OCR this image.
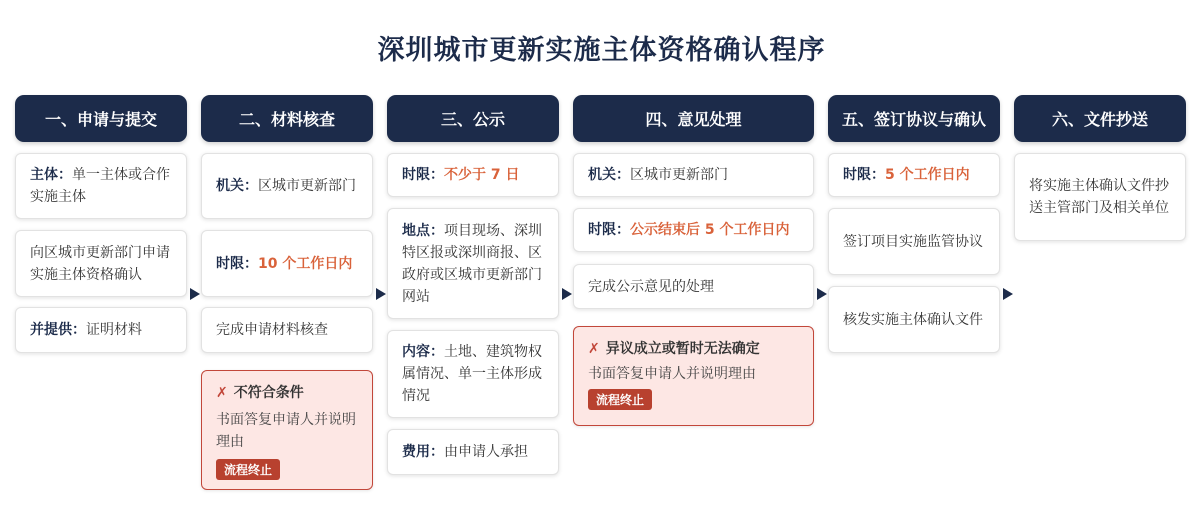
深圳城市更新实施主体资格确认程序
一、申请与提交
主体：单一主体或合作实施主体
向区城市更新部门申请实施主体资格确认
并提供：证明材料
二、材料核查
机关：区城市更新部门
时限：10 个工作日内
完成申请材料核查
✗ 不符合条件
书面答复申请人并说明理由
流程终止
三、公示
时限：不少于 7 日
地点：项目现场、深圳特区报或深圳商报、区政府或区城市更新部门网站
内容：土地、建筑物权属情况、单一主体形成情况
费用：由申请人承担
四、意见处理
机关：区城市更新部门
时限：公示结束后 5 个工作日内
完成公示意见的处理
✗ 异议成立或暂时无法确定
书面答复申请人并说明理由
流程终止
五、签订协议与确认
时限：5 个工作日内
签订项目实施监管协议
核发实施主体确认文件
六、文件抄送
将实施主体确认文件抄送主管部门及相关单位
